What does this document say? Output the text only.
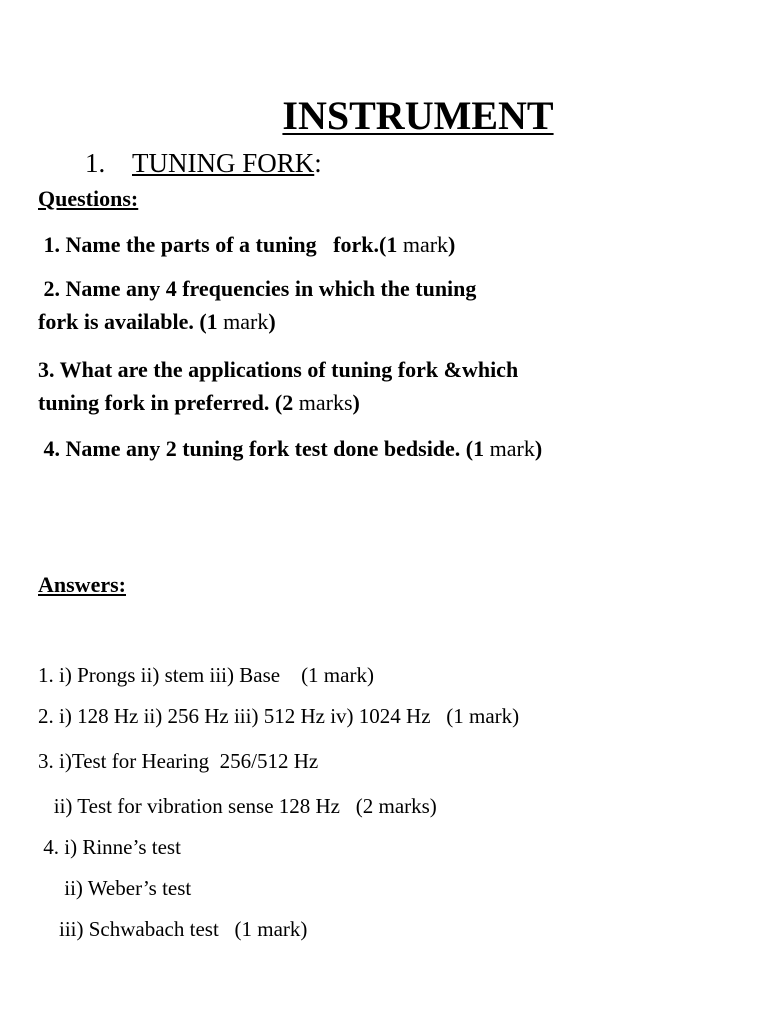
INSTRUMENT
1. TUNING FORK:
Questions:
1. Name the parts of a tuning   fork.(1 mark)
2. Name any 4 frequencies in which the tuning
fork is available. (1 mark)
3. What are the applications of tuning fork &which
tuning fork in preferred. (2 marks)
4. Name any 2 tuning fork test done bedside. (1 mark)
Answers:
1. i) Prongs ii) stem iii) Base    (1 mark)
2. i) 128 Hz ii) 256 Hz iii) 512 Hz iv) 1024 Hz   (1 mark)
3. i)Test for Hearing  256/512 Hz
ii) Test for vibration sense 128 Hz   (2 marks)
4. i) Rinne’s test
ii) Weber’s test
iii) Schwabach test   (1 mark)
